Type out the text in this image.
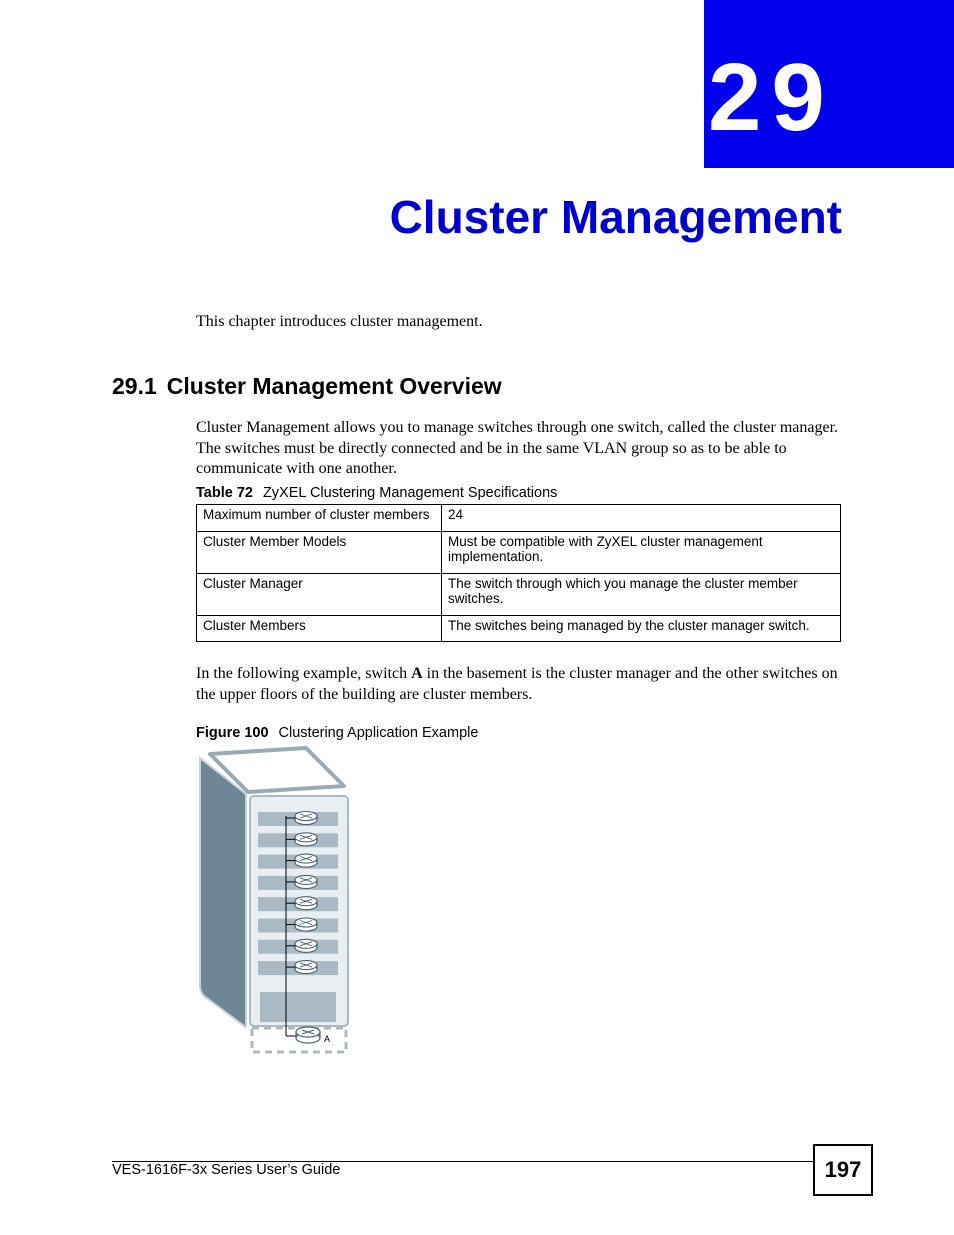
29
Cluster Management
This chapter introduces cluster management.
29.1 Cluster Management Overview
Cluster Management allows you to manage switches through one switch, called the cluster manager. The switches must be directly connected and be in the same VLAN group so as to be able to communicate with one another.
Table 72 ZyXEL Clustering Management Specifications
Maximum number of cluster members	24
Cluster Member Models	Must be compatible with ZyXEL cluster management implementation.
Cluster Manager	The switch through which you manage the cluster member switches.
Cluster Members	The switches being managed by the cluster manager switch.
In the following example, switch A in the basement is the cluster manager and the other switches on the upper floors of the building are cluster members.
Figure 100 Clustering Application Example
A
VES-1616F-3x Series User’s Guide	197
